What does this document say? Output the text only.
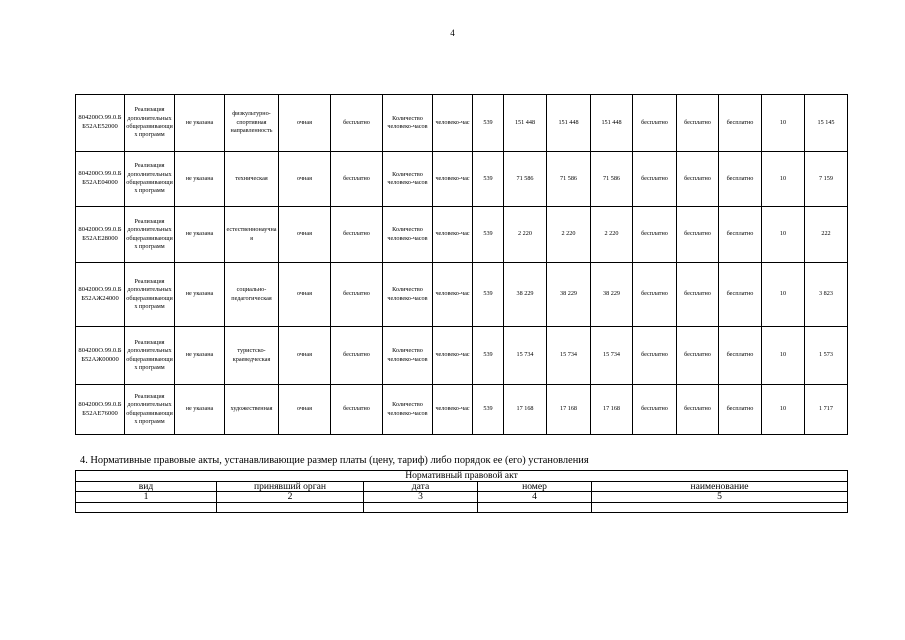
4
804200О.99.0.ББ52АЕ52000	Реализация дополнительных общеразвивающих программ	не указана	физкультурно-спортивная направленность	очная	бесплатно	Количество человеко-часов	человеко-час	539	151 448	151 448	151 448	бесплатно	бесплатно	бесплатно	10	15 145
804200О.99.0.ББ52АЕ04000	Реализация дополнительных общеразвивающих программ	не указана	техническая	очная	бесплатно	Количество человеко-часов	человеко-час	539	71 586	71 586	71 586	бесплатно	бесплатно	бесплатно	10	7 159
804200О.99.0.ББ52АЕ28000	Реализация дополнительных общеразвивающих программ	не указана	естественнонаучная	очная	бесплатно	Количество человеко-часов	человеко-час	539	2 220	2 220	2 220	бесплатно	бесплатно	бесплатно	10	222
804200О.99.0.ББ52АЖ24000	Реализация дополнительных общеразвивающих программ	не указана	социально-педагогическая	очная	бесплатно	Количество человеко-часов	человеко-час	539	38 229	38 229	38 229	бесплатно	бесплатно	бесплатно	10	3 823
804200О.99.0.ББ52АЖ00000	Реализация дополнительных общеразвивающих программ	не указана	туристско-краеведческая	очная	бесплатно	Количество человеко-часов	человеко-час	539	15 734	15 734	15 734	бесплатно	бесплатно	бесплатно	10	1 573
804200О.99.0.ББ52АЕ76000	Реализация дополнительных общеразвивающих программ	не указана	художественная	очная	бесплатно	Количество человеко-часов	человеко-час	539	17 168	17 168	17 168	бесплатно	бесплатно	бесплатно	10	1 717
4. Нормативные правовые акты, устанавливающие размер платы (цену, тариф) либо порядок ее (его) установления
Нормативный правовой акт				
вид	принявший орган	дата	номер	наименование
1	2	3	4	5
